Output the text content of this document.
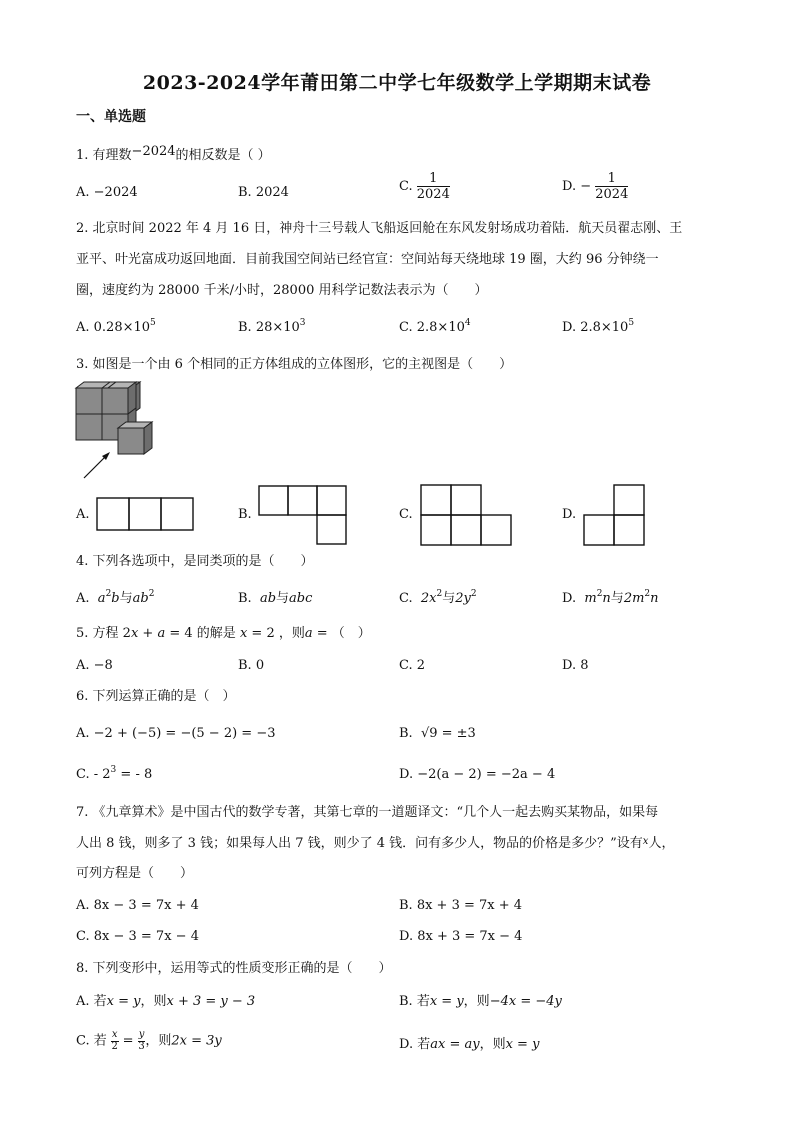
2023-2024学年莆田第二中学七年级数学上学期期末试卷
一、单选题
1. 有理数−2024的相反数是（ ）
A. −2024	B. 2024	C. $\frac{1}{2024}$	D. − $\frac{1}{2024}$
2. 北京时间 2022 年 4 月 16 日，神舟十三号载人飞船返回舱在东风发射场成功着陆．航天员翟志刚、王
亚平、叶光富成功返回地面．目前我国空间站已经官宣：空间站每天绕地球 19 圈，大约 96 分钟绕一
圈，速度约为 28000 千米/小时，28000 用科学记数法表示为（　　）
A. $0.28\times 10^5$	B. $28\times 10^3$	C. $2.8\times 10^4$	D. $2.8\times 10^5$
3. 如图是一个由 6 个相同的正方体组成的立体图形，它的主视图是（　　）
A.	B.	C.	D.
4. 下列各选项中，是同类项的是（　　）
A. $a^2b$与$ab^2$	B. ab与abc	C. $2x^2$与$2y^2$	D. $m^2n$与$2m^2n$
5. 方程 2x + a = 4 的解是 x = 2 ，则a = （　）
A. −8	B. 0	C. 2	D. 8
6. 下列运算正确的是（　）
A. −2 + (−5) = −(5 − 2) = −3	B. √9 = ±3
C. - $2^3$ = - 8	D. −2(a − 2) = −2a − 4
7. 《九章算术》是中国古代的数学专著，其第七章的一道题译文：“几个人一起去购买某物品，如果每
人出 8 钱，则多了 3 钱；如果每人出 7 钱，则少了 4 钱．问有多少人，物品的价格是多少？”设有$^x$人，
可列方程是（　　）
A. 8x − 3 = 7x + 4	B. 8x + 3 = 7x + 4
C. 8x − 3 = 7x − 4	D. 8x + 3 = 7x − 4
8. 下列变形中，运用等式的性质变形正确的是（　　）
A. 若x = y，则x + 3 = y − 3	B. 若x = y，则−4x = −4y
C. 若 $\frac{x}{2} = \frac{y}{3}$ ，则2x = 3y	D. 若ax = ay，则x = y
